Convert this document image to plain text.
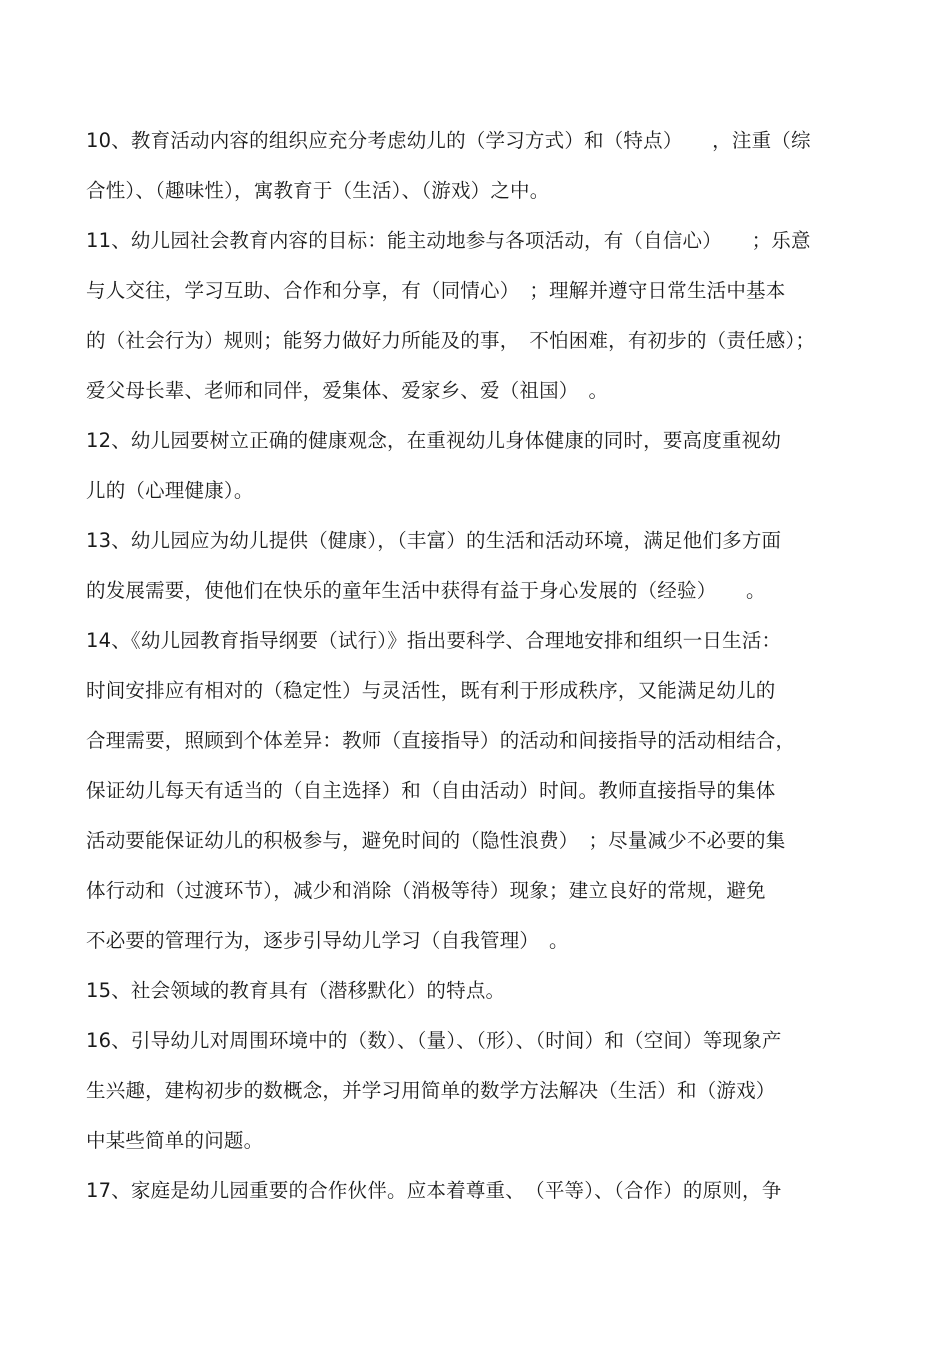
10、教育活动内容的组织应充分考虑幼儿的（学习方式）和（特点）　　，注重（综
合性）、（趣味性），寓教育于（生活）、（游戏）之中。
11、幼儿园社会教育内容的目标：能主动地参与各项活动，有（自信心）　　；乐意
与人交往，学习互助、合作和分享，有（同情心）　；理解并遵守日常生活中基本
的（社会行为）规则；能努力做好力所能及的事，　不怕困难，有初步的（责任感）；
爱父母长辈、老师和同伴，爱集体、爱家乡、爱（祖国）　。
12、幼儿园要树立正确的健康观念，在重视幼儿身体健康的同时，要高度重视幼
儿的（心理健康）。
13、幼儿园应为幼儿提供（健康），（丰富）的生活和活动环境，满足他们多方面
的发展需要，使他们在快乐的童年生活中获得有益于身心发展的（经验）　　。
14、《幼儿园教育指导纲要（试行）》指出要科学、合理地安排和组织一日生活：
时间安排应有相对的（稳定性）与灵活性，既有利于形成秩序，又能满足幼儿的
合理需要，照顾到个体差异：教师（直接指导）的活动和间接指导的活动相结合，
保证幼儿每天有适当的（自主选择）和（自由活动）时间。教师直接指导的集体
活动要能保证幼儿的积极参与，避免时间的（隐性浪费）　；尽量减少不必要的集
体行动和（过渡环节），减少和消除（消极等待）现象；建立良好的常规，避免
不必要的管理行为，逐步引导幼儿学习（自我管理）　。
15、社会领域的教育具有（潜移默化）的特点。
16、引导幼儿对周围环境中的（数）、（量）、（形）、（时间）和（空间）等现象产
生兴趣，建构初步的数概念，并学习用简单的数学方法解决（生活）和（游戏）
中某些简单的问题。
17、家庭是幼儿园重要的合作伙伴。应本着尊重、　（平等）、（合作）的原则，争
